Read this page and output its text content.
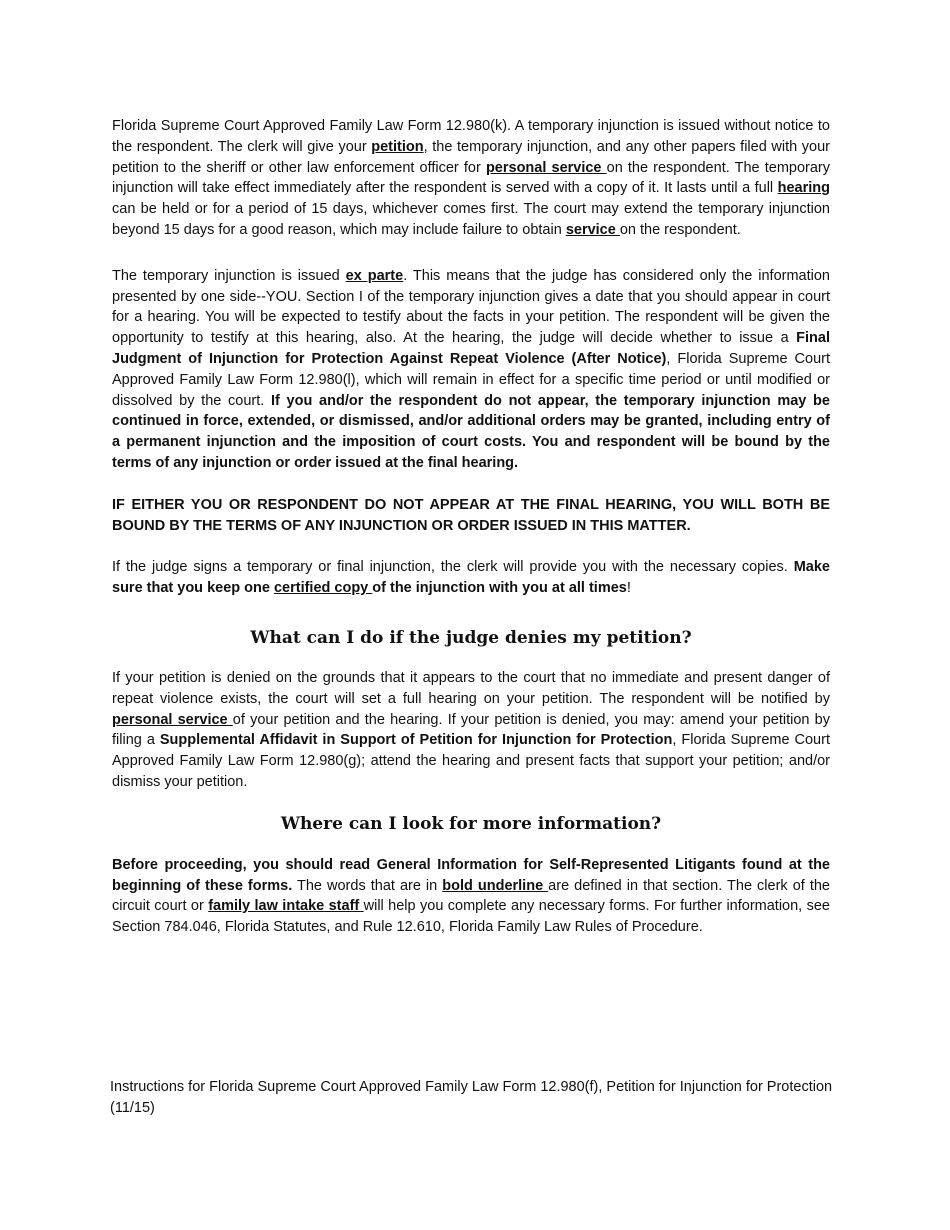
Florida Supreme Court Approved Family Law Form 12.980(k). A temporary injunction is issued without notice to the respondent. The clerk will give your petition, the temporary injunction, and any other papers filed with your petition to the sheriff or other law enforcement officer for personal service on the respondent. The temporary injunction will take effect immediately after the respondent is served with a copy of it. It lasts until a full hearing can be held or for a period of 15 days, whichever comes first. The court may extend the temporary injunction beyond 15 days for a good reason, which may include failure to obtain service on the respondent.

The temporary injunction is issued ex parte. This means that the judge has considered only the information presented by one side--YOU. Section I of the temporary injunction gives a date that you should appear in court for a hearing. You will be expected to testify about the facts in your petition. The respondent will be given the opportunity to testify at this hearing, also. At the hearing, the judge will decide whether to issue a Final Judgment of Injunction for Protection Against Repeat Violence (After Notice), Florida Supreme Court Approved Family Law Form 12.980(l), which will remain in effect for a specific time period or until modified or dissolved by the court. If you and/or the respondent do not appear, the temporary injunction may be continued in force, extended, or dismissed, and/or additional orders may be granted, including entry of a permanent injunction and the imposition of court costs. You and respondent will be bound by the terms of any injunction or order issued at the final hearing.

IF EITHER YOU OR RESPONDENT DO NOT APPEAR AT THE FINAL HEARING, YOU WILL BOTH BE BOUND BY THE TERMS OF ANY INJUNCTION OR ORDER ISSUED IN THIS MATTER.

If the judge signs a temporary or final injunction, the clerk will provide you with the necessary copies. Make sure that you keep one certified copy of the injunction with you at all times!

What can I do if the judge denies my petition?

If your petition is denied on the grounds that it appears to the court that no immediate and present danger of repeat violence exists, the court will set a full hearing on your petition. The respondent will be notified by personal service of your petition and the hearing. If your petition is denied, you may: amend your petition by filing a Supplemental Affidavit in Support of Petition for Injunction for Protection, Florida Supreme Court Approved Family Law Form 12.980(g); attend the hearing and present facts that support your petition; and/or dismiss your petition.

Where can I look for more information?

Before proceeding, you should read General Information for Self-Represented Litigants found at the beginning of these forms. The words that are in bold underline are defined in that section. The clerk of the circuit court or family law intake staff will help you complete any necessary forms. For further information, see Section 784.046, Florida Statutes, and Rule 12.610, Florida Family Law Rules of Procedure.

Instructions for Florida Supreme Court Approved Family Law Form 12.980(f), Petition for Injunction for Protection (11/15)
